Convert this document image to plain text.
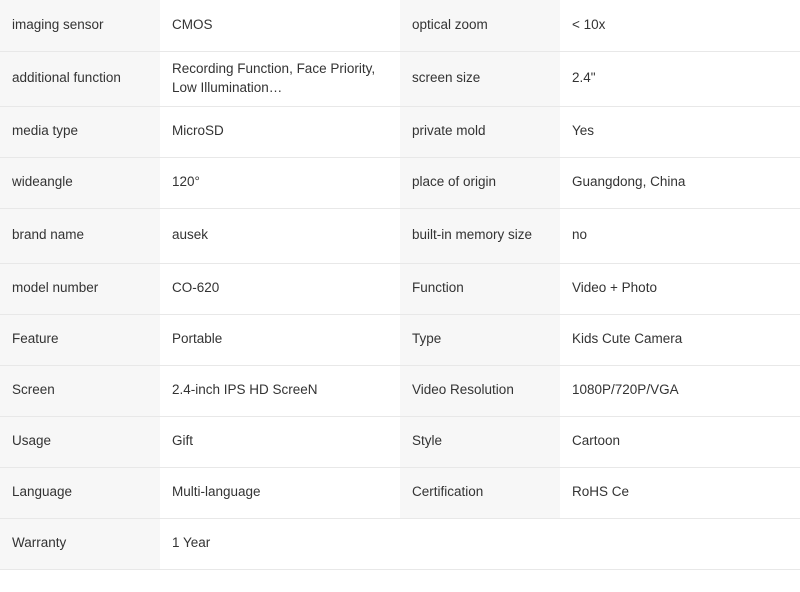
imaging sensor	CMOS	optical zoom	< 10x
additional function	Recording Function, Face Priority, Low Illumination…	screen size	2.4"
media type	MicroSD	private mold	Yes
wideangle	120°	place of origin	Guangdong, China
brand name	ausek	built-in memory size	no
model number	CO-620	Function	Video + Photo
Feature	Portable	Type	Kids Cute Camera
Screen	2.4-inch IPS HD ScreeN	Video Resolution	1080P/720P/VGA
Usage	Gift	Style	Cartoon
Language	Multi-language	Certification	RoHS Ce
Warranty	1 Year		
